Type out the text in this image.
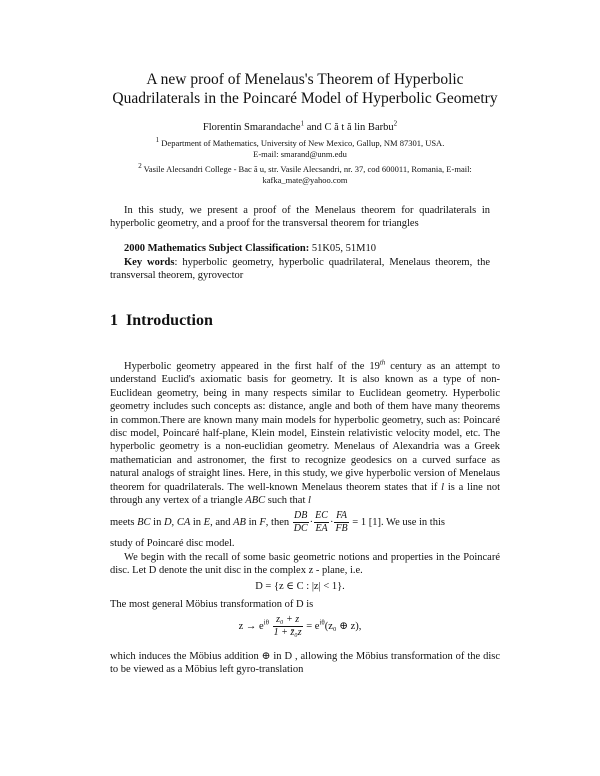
A new proof of Menelaus's Theorem of Hyperbolic
Quadrilaterals in the Poincaré Model of Hyperbolic Geometry
Florentin Smarandache$^1$ and C ă t ă lin Barbu$^2$
$^1$ Department of Mathematics, University of New Mexico, Gallup, NM 87301, USA.
E-mail: smarand@unm.edu
$^2$ Vasile Alecsandri College - Bac ă u, str. Vasile Alecsandri, nr. 37, cod 600011, Romania, E-mail: kafka_mate@yahoo.com
In this study, we present a proof of the Menelaus theorem for quadrilaterals in hyperbolic geometry, and a proof for the transversal theorem for triangles
2000 Mathematics Subject Classification: 51K05, 51M10
Key words: hyperbolic geometry, hyperbolic quadrilateral, Menelaus theorem, the transversal theorem, gyrovector
1 Introduction
Hyperbolic geometry appeared in the first half of the 19th century as an attempt to understand Euclid's axiomatic basis for geometry. It is also known as a type of non-Euclidean geometry, being in many respects similar to Euclidean geometry. Hyperbolic geometry includes such concepts as: distance, angle and both of them have many theorems in common.There are known many main models for hyperbolic geometry, such as: Poincaré disc model, Poincaré half-plane, Klein model, Einstein relativistic velocity model, etc. The hyperbolic geometry is a non-euclidian geometry. Menelaus of Alexandria was a Greek mathematician and astronomer, the first to recognize geodesics on a curved surface as natural analogs of straight lines. Here, in this study, we give hyperbolic version of Menelaus theorem for quadrilaterals. The well-known Menelaus theorem states that if l is a line not through any vertex of a triangle ABC such that l
meets BC in D, CA in E, and AB in F, then $\frac{DB}{DC} \cdot \frac{EC}{EA} \cdot \frac{FA}{FB} = 1$ [1]. We use in this
study of Poincaré disc model.
We begin with the recall of some basic geometric notions and properties in the Poincaré disc. Let D denote the unit disc in the complex z - plane, i.e.
D = {z ∈ C : |z| < 1}.
The most general Möbius transformation of D is
$z \to e^{i\theta} \frac{\text{z₀ + z}}{\text{1 + z̄₀z}} = e^{i\theta}(z_0$ ⊕ z),
which induces the Möbius addition ⊕ in D , allowing the Möbius transformation of the disc to be viewed as a Möbius left gyro-translation
